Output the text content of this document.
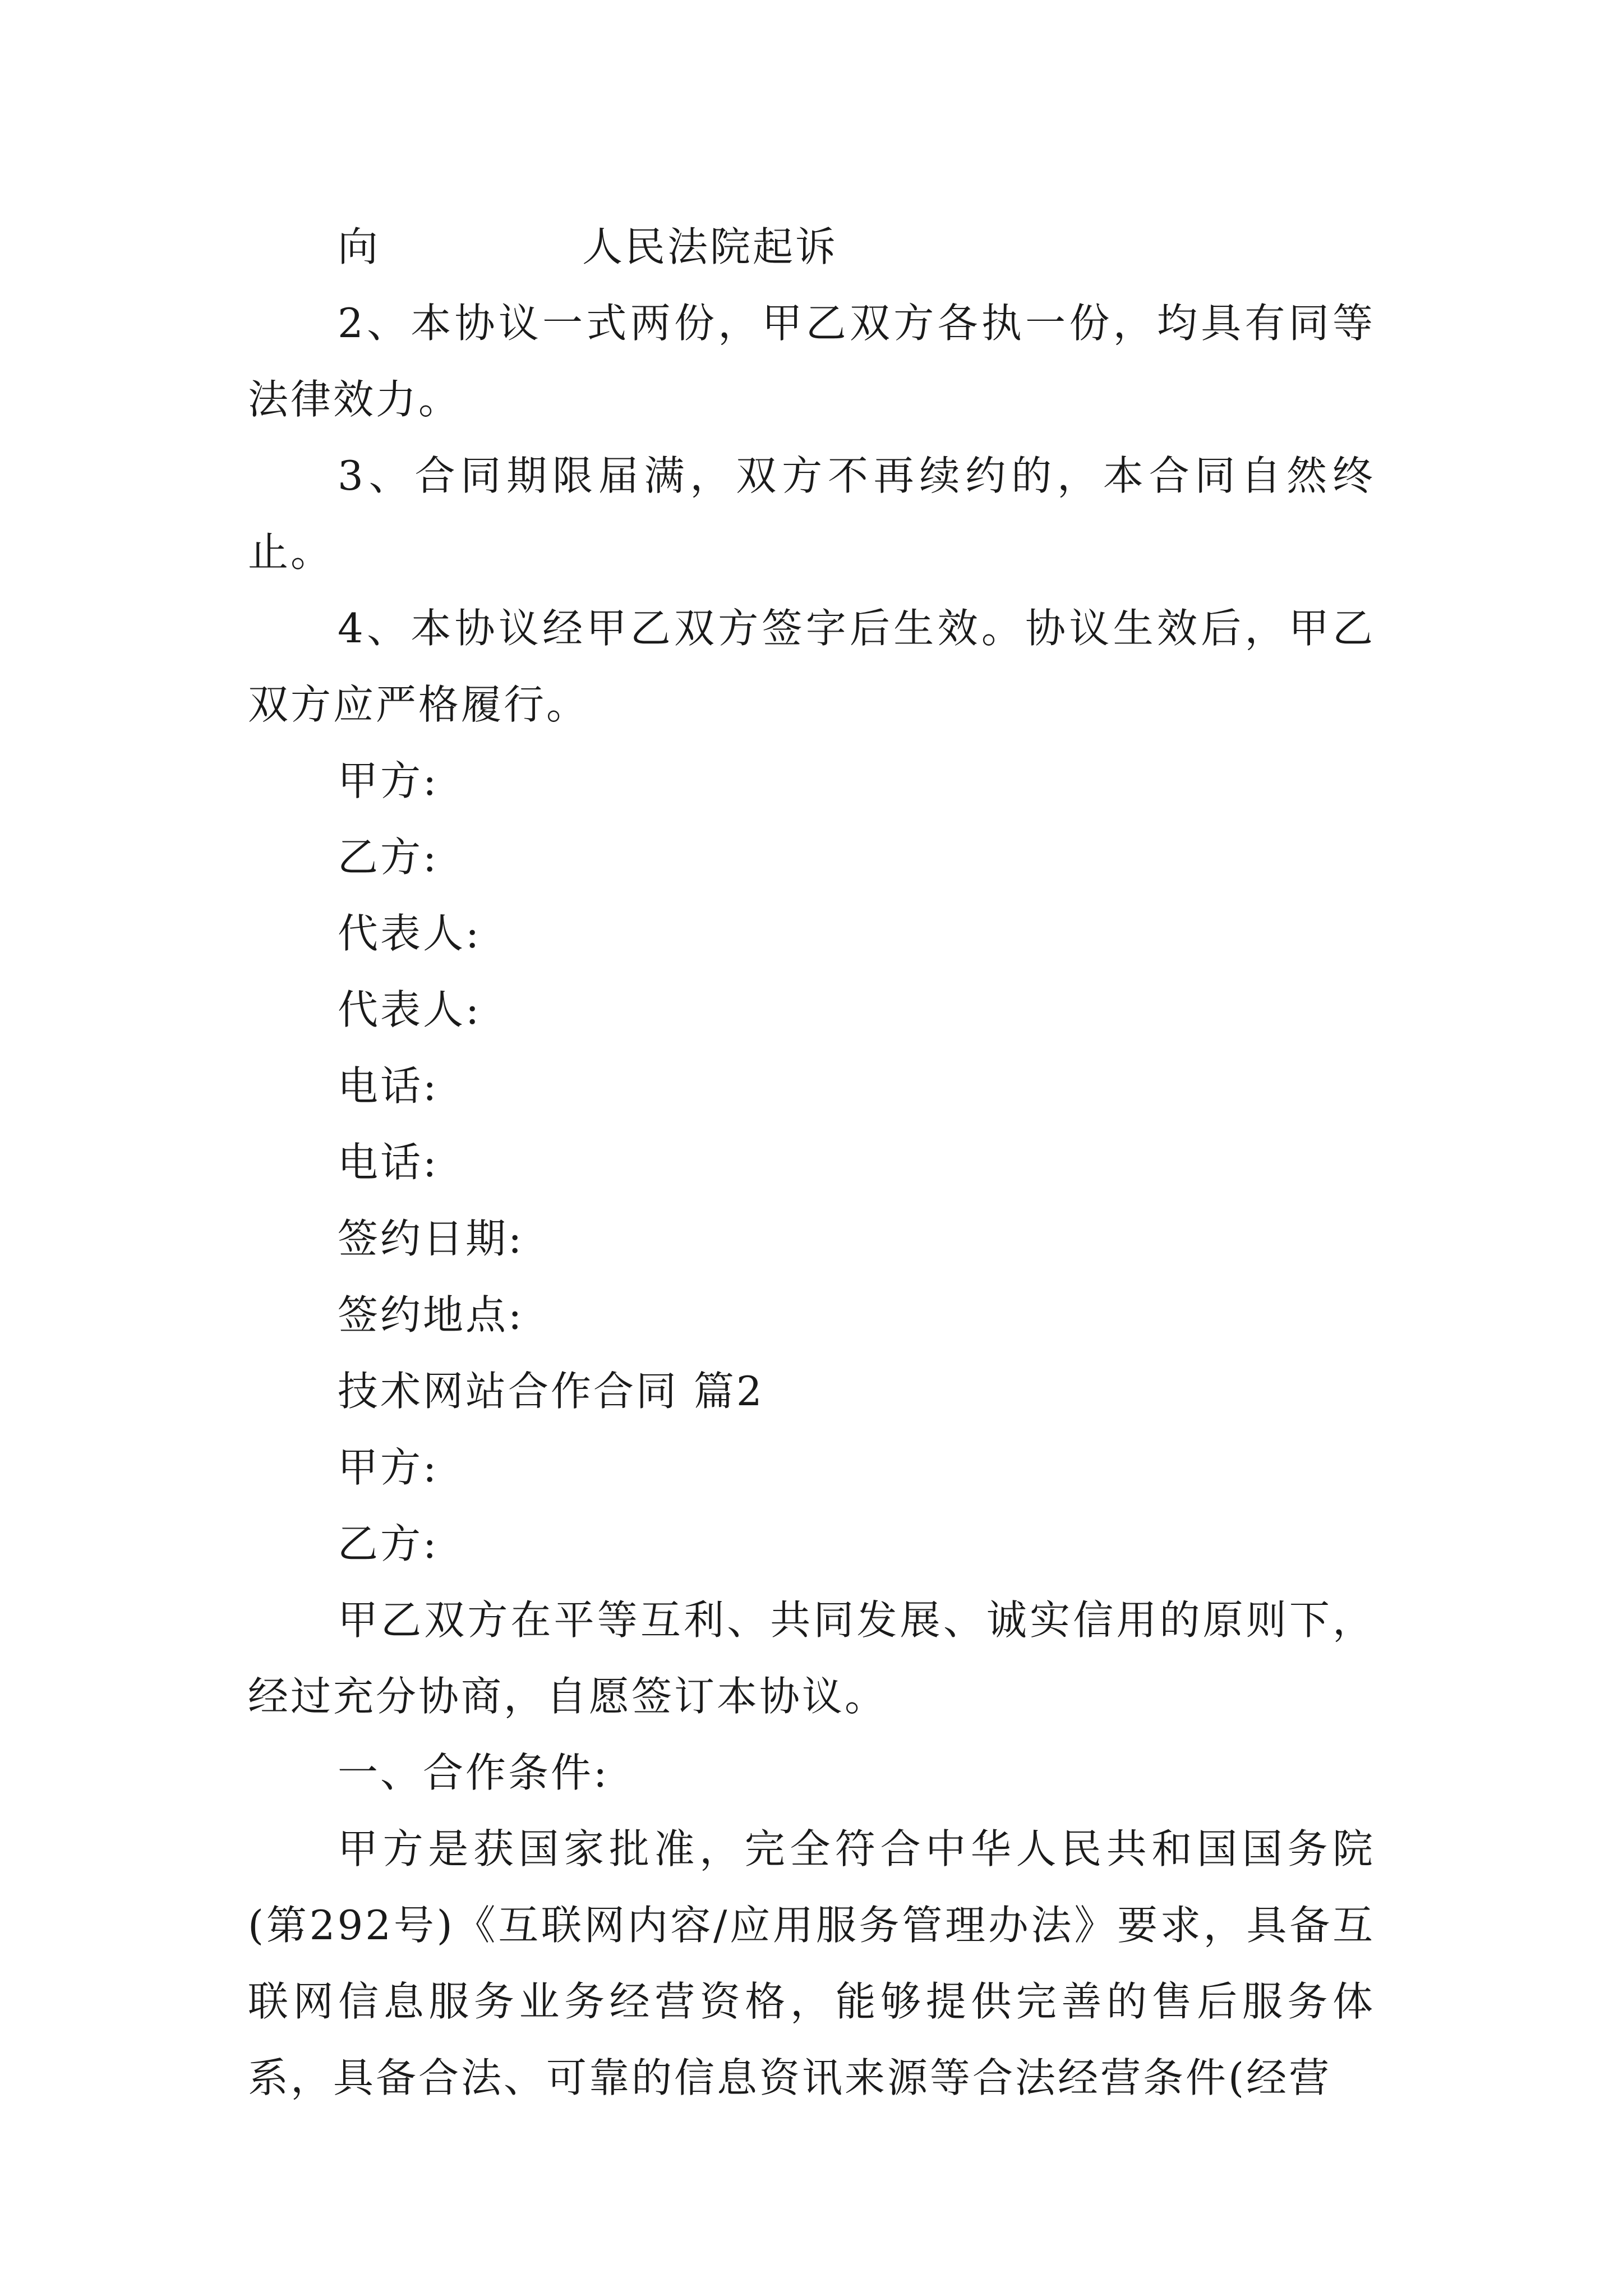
向	人民法院起诉

2、本协议一式两份，甲乙双方各执一份，均具有同等法律效力。

3、合同期限届满，双方不再续约的，本合同自然终止。

4、本协议经甲乙双方签字后生效。协议生效后，甲乙双方应严格履行。

甲方:

乙方:

代表人:

代表人:

电话:

电话:

签约日期:

签约地点:

技术网站合作合同 篇2

甲方:

乙方:

甲乙双方在平等互利、共同发展、诚实信用的原则下，经过充分协商，自愿签订本协议。

一、合作条件:

甲方是获国家批准，完全符合中华人民共和国国务院(第292号)《互联网内容/应用服务管理办法》要求，具备互联网信息服务业务经营资格，能够提供完善的售后服务体系，具备合法、可靠的信息资讯来源等合法经营条件(经营
